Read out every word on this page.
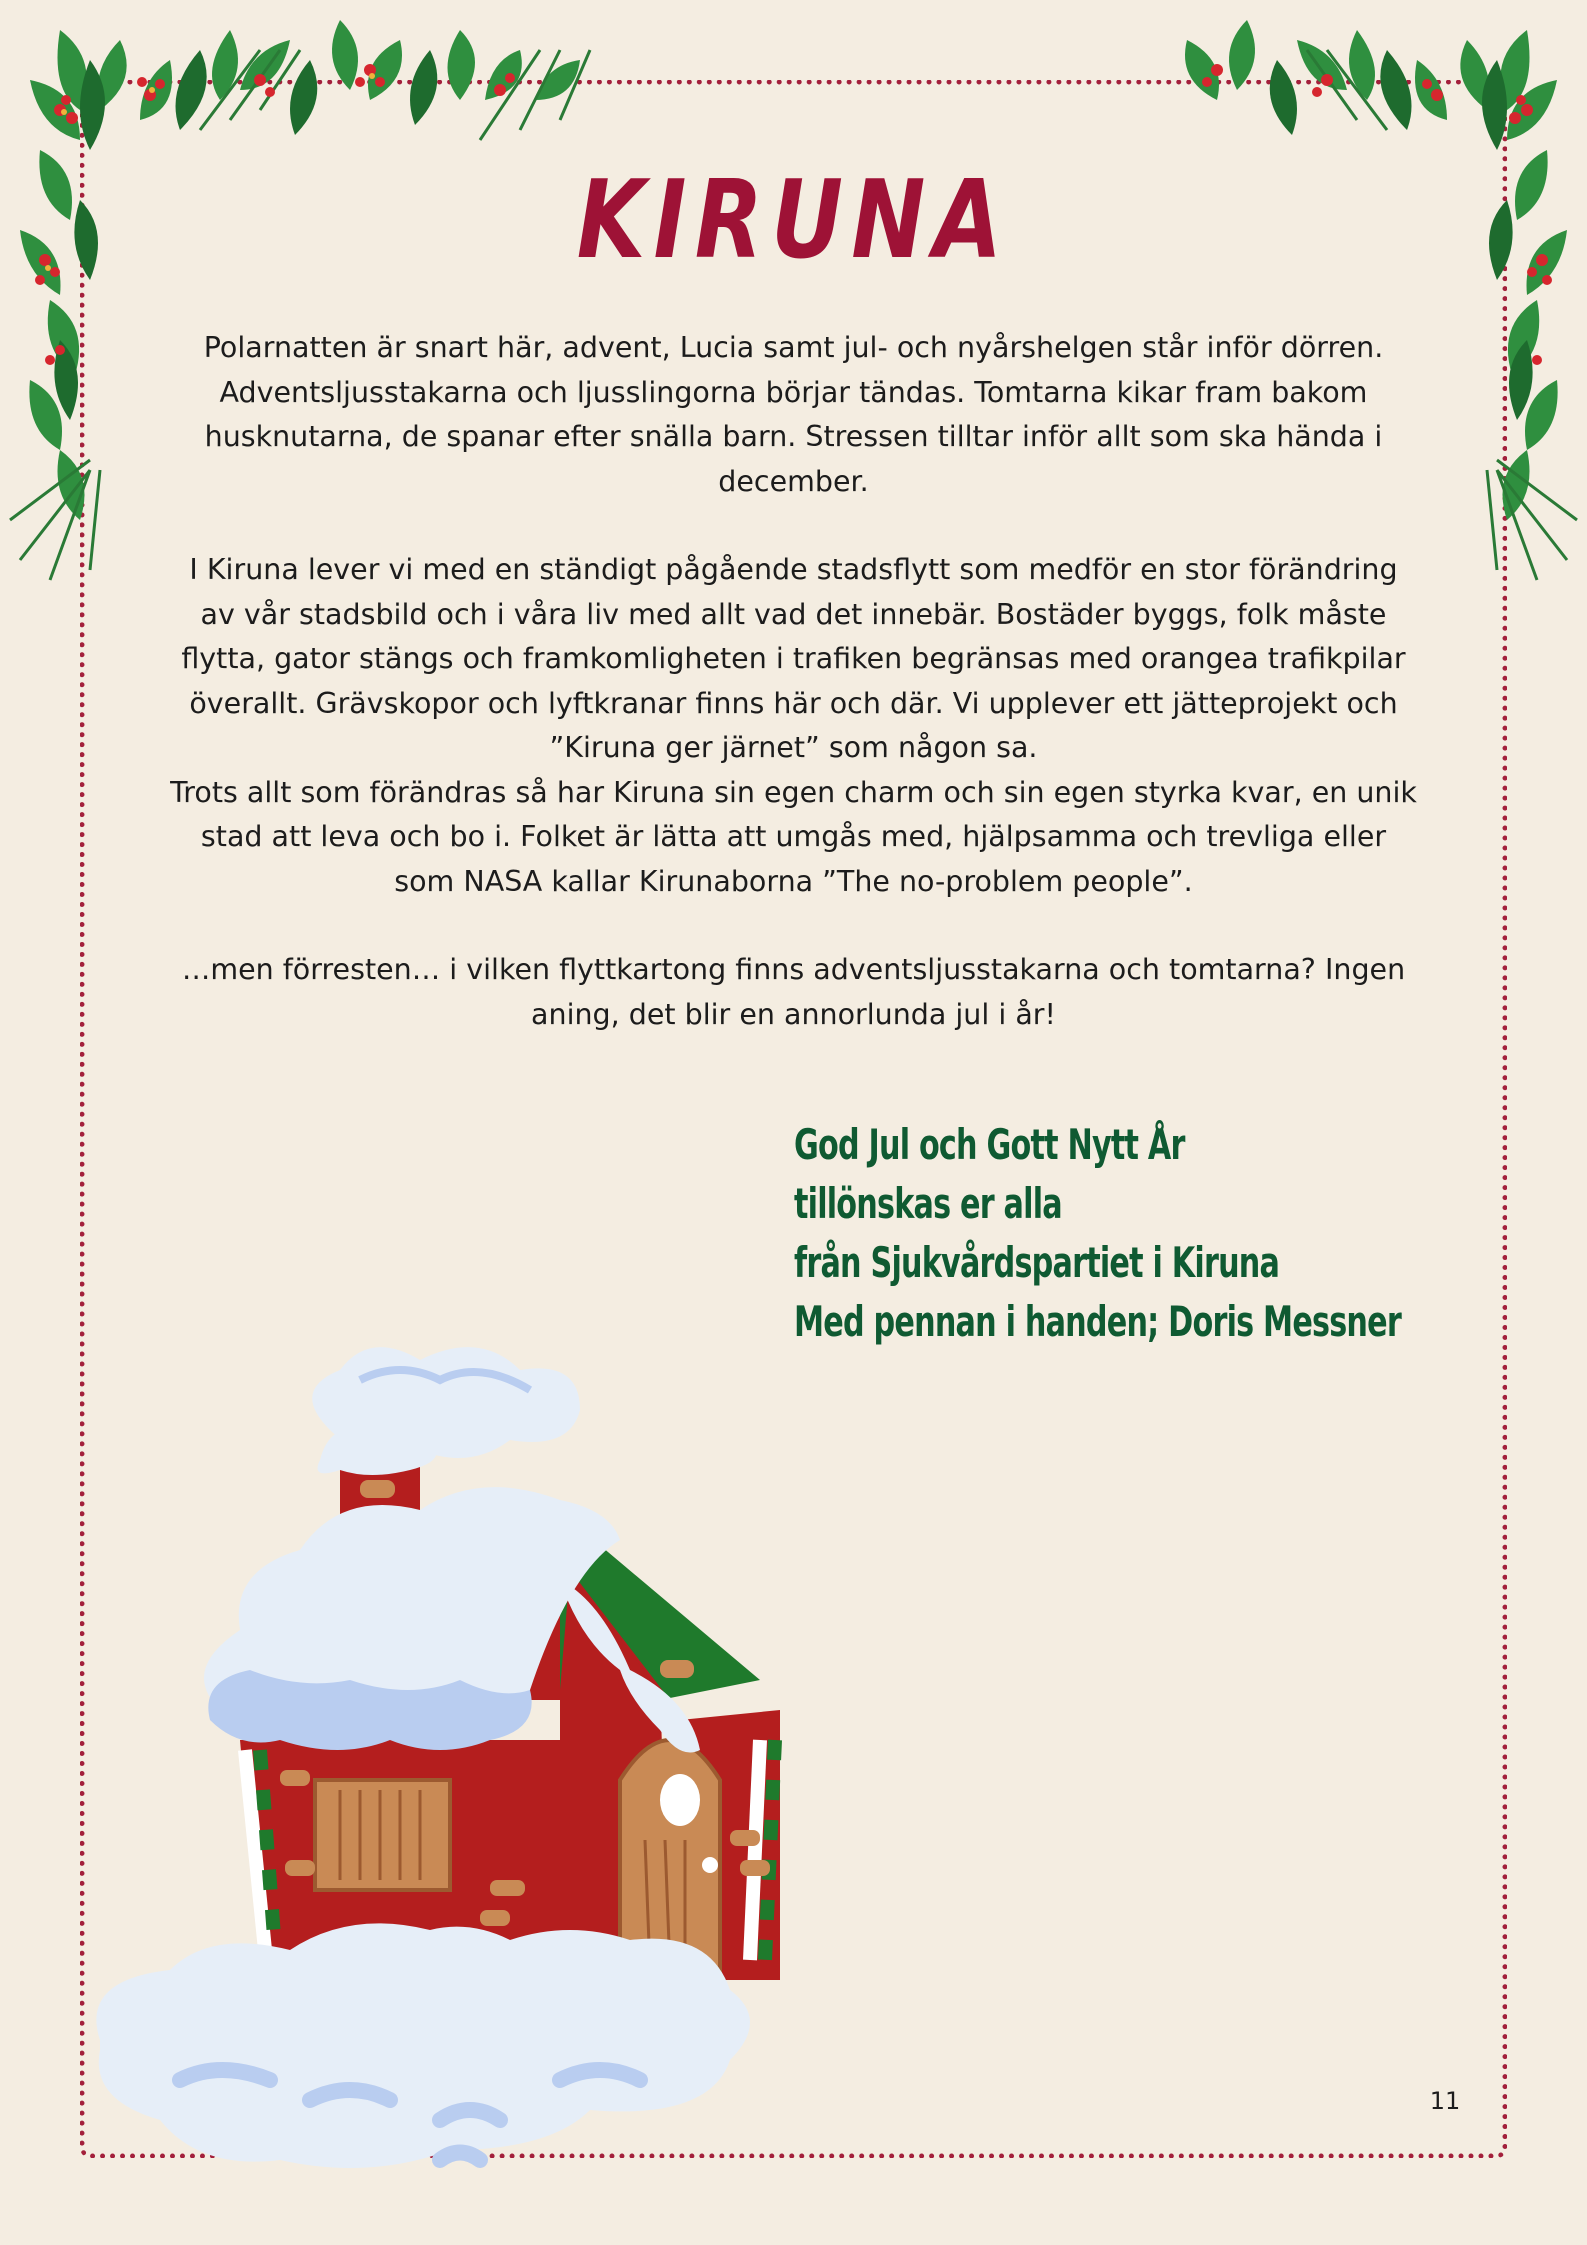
KIRUNA

Polarnatten är snart här, advent, Lucia samt jul- och nyårshelgen står inför dörren. Adventsljusstakarna och ljusslingorna börjar tändas. Tomtarna kikar fram bakom husknutarna, de spanar efter snälla barn. Stressen tilltar inför allt som ska hända i december.

I Kiruna lever vi med en ständigt pågående stadsflytt som medför en stor förändring av vår stadsbild och i våra liv med allt vad det innebär. Bostäder byggs, folk måste flytta, gator stängs och framkomligheten i trafiken begränsas med orangea trafikpilar överallt. Grävskopor och lyftkranar finns här och där. Vi upplever ett jätteprojekt och ”Kiruna ger järnet” som någon sa.

Trots allt som förändras så har Kiruna sin egen charm och sin egen styrka kvar, en unik stad att leva och bo i. Folket är lätta att umgås med, hjälpsamma och trevliga eller som NASA kallar Kirunaborna ”The no-problem people”.

…men förresten… i vilken flyttkartong finns adventsljusstakarna och tomtarna? Ingen aning, det blir en annorlunda jul i år!

God Jul och Gott Nytt År
tillönskas er alla
från Sjukvårdspartiet i Kiruna
Med pennan i handen; Doris Messner
11
